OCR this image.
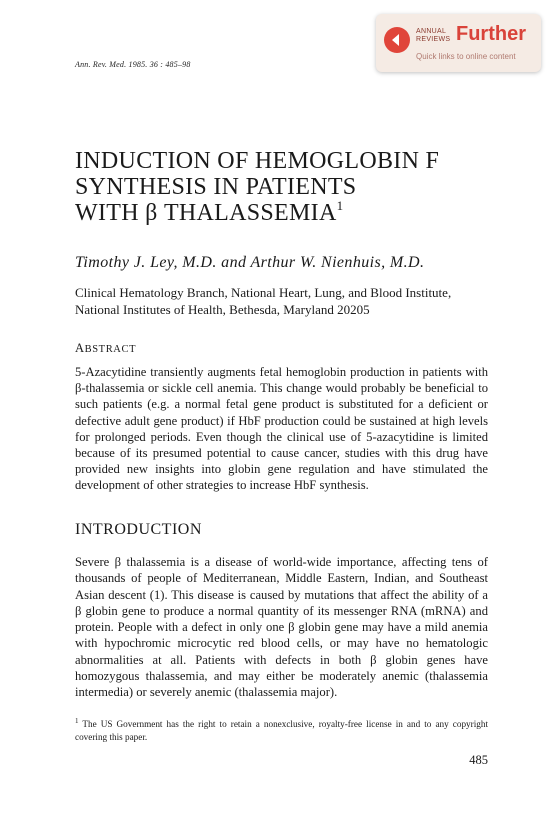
Ann. Rev. Med. 1985. 36 : 485–98
ANNUAL
REVIEWS Further
Quick links to online content
INDUCTION OF HEMOGLOBIN F
SYNTHESIS IN PATIENTS
WITH β THALASSEMIA$^1$
Timothy J. Ley, M.D. and Arthur W. Nienhuis, M.D.
Clinical Hematology Branch, National Heart, Lung, and Blood Institute, National Institutes of Health, Bethesda, Maryland 20205
ABSTRACT

5-Azacytidine transiently augments fetal hemoglobin production in patients with β-thalassemia or sickle cell anemia. This change would probably be beneficial to such patients (e.g. a normal fetal gene product is substituted for a deficient or defective adult gene product) if HbF production could be sustained at high levels for prolonged periods. Even though the clinical use of 5-azacytidine is limited because of its presumed potential to cause cancer, studies with this drug have provided new insights into globin gene regulation and have stimulated the development of other strategies to increase HbF synthesis.

INTRODUCTION

Severe β thalassemia is a disease of world-wide importance, affecting tens of thousands of people of Mediterranean, Middle Eastern, Indian, and Southeast Asian descent (1). This disease is caused by mutations that affect the ability of a β globin gene to produce a normal quantity of its messenger RNA (mRNA) and protein. People with a defect in only one β globin gene may have a mild anemia with hypochromic microcytic red blood cells, or may have no hematologic abnormalities at all. Patients with defects in both β globin genes have homozygous thalassemia, and may either be moderately anemic (thalassemia intermedia) or severely anemic (thalassemia major).

$^1$ The US Government has the right to retain a nonexclusive, royalty-free license in and to any copyright covering this paper.
485
